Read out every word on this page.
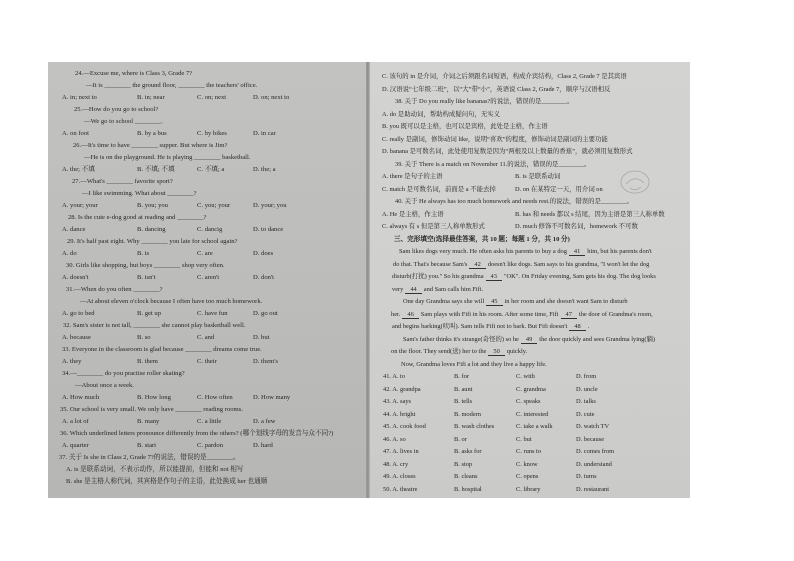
24.—Excuse me, where is Class 3, Grade 7?
—It is ________ the ground floor, ________ the teachers' office.
A. in; next to	B. in; near	C. on; next	D. on; next to
25.—How do you go to school?
—We go to school ________.
A. on foot	B. by a bus	C. by bikes	D. in car
26.—It's time to have ________ supper. But where is Jim?
—He is on the playground. He is playing ________ basketball.
A. the; 不填	B. 不填; 不填	C. 不填; a	D. the; a
27.—What's ________ favorite sport?
—I like swimming. What about ________?
A. your; your	B. you; you	C. you; your	D. your; you
28. Is the cute e-dog good at reading and ________?
A. dance	B. dancing	C. dancig	D. to dance
29. It's half past eight. Why ________ you late for school again?
A. do	B. is	C. are	D. does
30. Girls like shopping, but boys ________ shop very often.
A. doesn't	B. isn't	C. aren't	D. don't
31.—When do you often ________?
—At about eleven o'clock because I often have too much homework.
A. go to bed	B. get up	C. have fun	D. go out
32. Sam's sister is not tall, ________ she cannot play basketball well.
A. because	B. so	C. and	D. but
33. Everyone in the classroom is glad because ________ dreams come true.
A. they	B. them	C. their	D. them's
34.—________ do you practise roller skating?
—About once a week.
A. How much	B. How long	C. How often	D. How many
35. Our school is very small. We only have ________ reading rooms.
A. a lot of	B. many	C. a little	D. a few
36. Which underlined letters pronounce differently from the others? (哪个划线字母的发音与众不同?)
A. quarter	B. start	C. pardon	D. hard
37. 关于 Is she in Class 2, Grade 7?的说法，错误的是________。
A. is 是联系动词，不表示动作，所以能提前，但能和 not 相写
B. she 是主格人称代词，其宾格是作句子的主语，此处换成 her 也通顺
C. 该句的 in 是介词，介词之后须跟名词短语，构成介宾结构，Class 2, Grade 7 是其宾语
D. 汉语说“七年级二班”，以“大”带“小”，英语说 Class 2, Grade 7，顺序与汉语相反
38. 关于 Do you really like bananas?的说法，错误的是________。
A. do 是助动词，帮助构成疑问句，无实义
B. you 既可以是主格，也可以是宾格，此处是主格，作主语
C. really 是副词，修饰动词 like，说明“喜欢”的程度，修饰动词是副词的主要功能
D. banana 是可数名词，此处使用复数是因为“两根及以上数量的香蕉”，就必须用复数形式
39. 关于 There is a match on November 11.的说法，错误的是________。
A. there 是句子的主语	B. is 是联系动词
C. match 是可数名词，前面是 a 不能去掉	D. on 在某特定一天，用介词 on
40. 关于 He always has too much homework and needs rest.的说法，错误的是________。
A. He 是主格，作主语	B. has 和 needs 都以 s 结尾，因为主语是第三人称单数
C. always 有 s 但是第三人称单数形式	D. much 修饰不可数名词，homework 不可数
三、完形填空(选择最佳答案，共 10 题；每题 1 分，共 10 分)
Sam likes dogs very much. He often asks his parents to buy a dog 41 him, but his parents don't
do that. That's because Sam's 42 doesn't like dogs. Sam says to his grandma, "I won't let the dog
disturb(打扰) you." So his grandma 43 "OK". On Friday evening, Sam gets his dog. The dog looks
very 44 and Sam calls him Fifi.
One day Grandma says she will 45 in her room and she doesn't want Sam to disturb
her. 46 Sam plays with Fifi in his room. After some time, Fifi 47 the door of Grandma's room,
and begins barking(吠叫). Sam tells Fifi not to bark. But Fifi doesn't 48 .
Sam's father thinks it's strange(奇怪的) so he 49 the door quickly and sees Grandma lying(躺)
on the floor. They send(送) her to the 50 quickly.
Now, Grandma loves Fifi a lot and they live a happy life.
41. A. to	B. for	C. with	D. from
42. A. grandpa	B. aunt	C. grandma	D. uncle
43. A. says	B. tells	C. speaks	D. talks
44. A. bright	B. modern	C. interested	D. cute
45. A. cook food	B. wash clothes	C. take a walk	D. watch TV
46. A. so	B. or	C. but	D. because
47. A. lives in	B. asks for	C. runs to	D. comes from
48. A. cry	B. stop	C. know	D. understand
49. A. closes	B. cleans	C. opens	D. turns
50. A. theatre	B. hospital	C. library	D. restaurant
